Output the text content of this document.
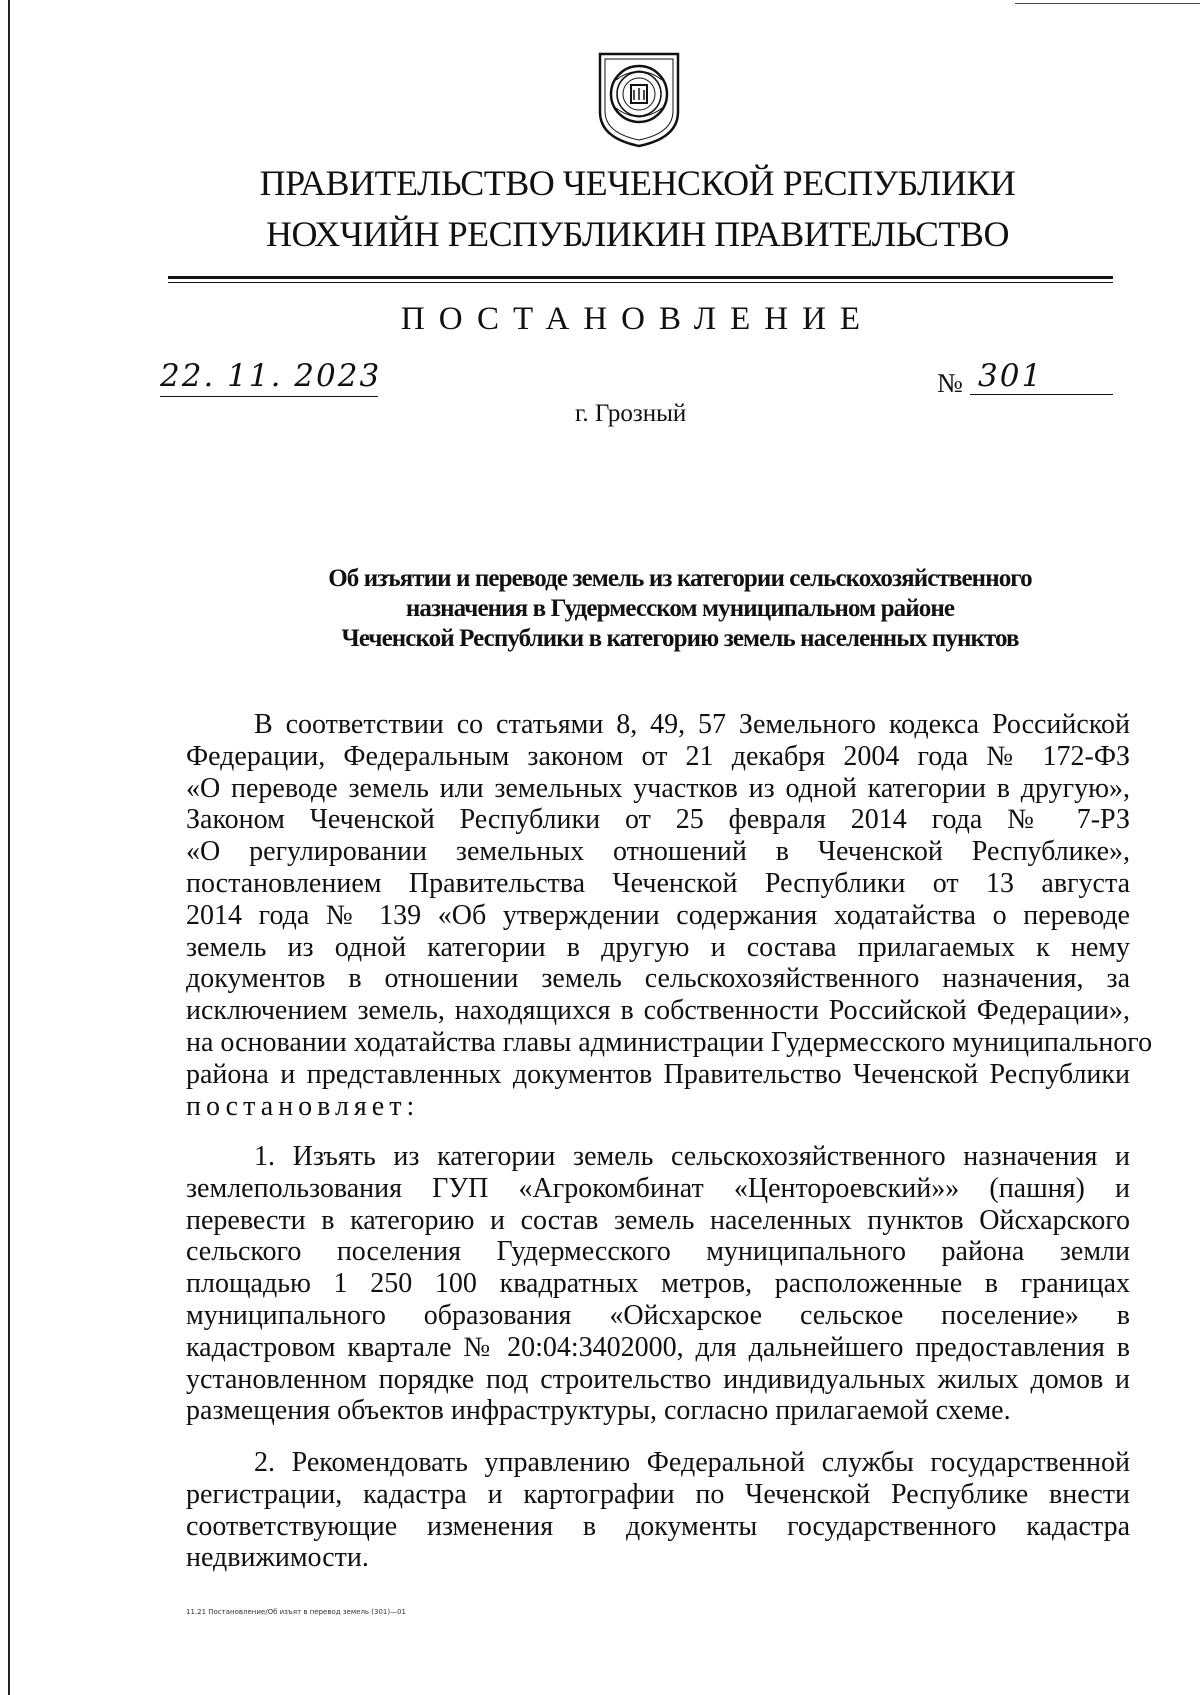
ПРАВИТЕЛЬСТВО ЧЕЧЕНСКОЙ РЕСПУБЛИКИ
НОХЧИЙН РЕСПУБЛИКИН ПРАВИТЕЛЬСТВО
ПОСТАНОВЛЕНИЕ
22. 11. 2023	№ 301
г. Грозный
Об изъятии и переводе земель из категории сельскохозяйственного
назначения в Гудермесском муниципальном районе
Чеченской Республики в категорию земель населенных пунктов
В соответствии со статьями 8, 49, 57 Земельного кодекса Российской
Федерации, Федеральным законом от 21 декабря 2004 года № 172-ФЗ
«О переводе земель или земельных участков из одной категории в другую»,
Законом Чеченской Республики от 25 февраля 2014 года № 7-РЗ
«О регулировании земельных отношений в Чеченской Республике»,
постановлением Правительства Чеченской Республики от 13 августа
2014 года № 139 «Об утверждении содержания ходатайства о переводе
земель из одной категории в другую и состава прилагаемых к нему
документов в отношении земель сельскохозяйственного назначения, за
исключением земель, находящихся в собственности Российской Федерации»,
на основании ходатайства главы администрации Гудермесского муниципального
района и представленных документов Правительство Чеченской Республики
постановляет:
1. Изъять из категории земель сельскохозяйственного назначения и
землепользования ГУП «Агрокомбинат «Центороевский»» (пашня) и
перевести в категорию и состав земель населенных пунктов Ойсхарского
сельского поселения Гудермесского муниципального района земли
площадью 1 250 100 квадратных метров, расположенные в границах
муниципального образования «Ойсхарское сельское поселение» в
кадастровом квартале № 20:04:3402000, для дальнейшего предоставления в
установленном порядке под строительство индивидуальных жилых домов и
размещения объектов инфраструктуры, согласно прилагаемой схеме.
2. Рекомендовать управлению Федеральной службы государственной
регистрации, кадастра и картографии по Чеченской Республике внести
соответствующие изменения в документы государственного кадастра
недвижимости.
11.21 Постановление/Об изъят в перевод земель (301)—01
